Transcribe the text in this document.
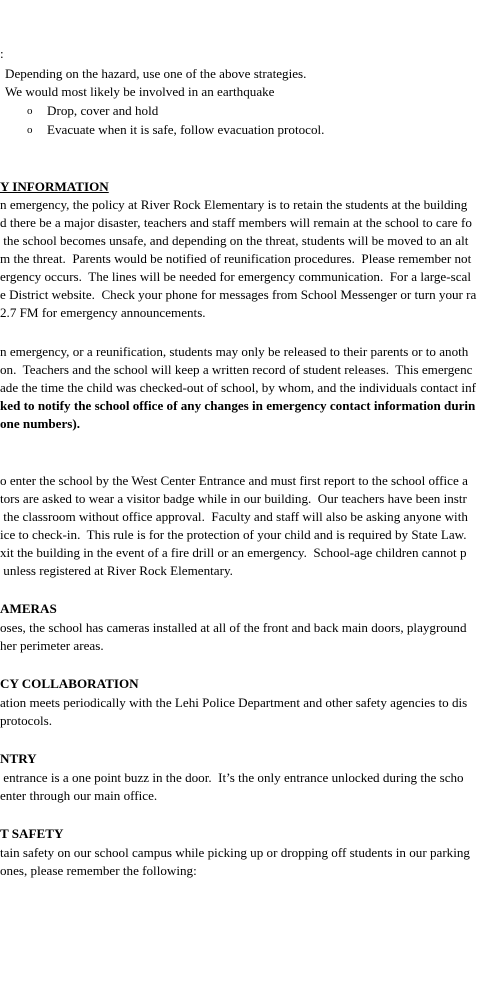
:
Depending on the hazard, use one of the above strategies.
We would most likely be involved in an earthquake
o Drop, cover and hold
o Evacuate when it is safe, follow evacuation protocol.
Y INFORMATION
n emergency, the policy at River Rock Elementary is to retain the students at the building
d there be a major disaster, teachers and staff members will remain at the school to care fo
the school becomes unsafe, and depending on the threat, students will be moved to an alt
m the threat.  Parents would be notified of reunification procedures.  Please remember not
ergency occurs.  The lines will be needed for emergency communication.  For a large-scal
e District website.  Check your phone for messages from School Messenger or turn your ra
2.7 FM for emergency announcements.
n emergency, or a reunification, students may only be released to their parents or to anoth
on.  Teachers and the school will keep a written record of student releases.  This emergenc
ade the time the child was checked-out of school, by whom, and the individuals contact inf
ked to notify the school office of any changes in emergency contact information durin
one numbers).
o enter the school by the West Center Entrance and must first report to the school office a
tors are asked to wear a visitor badge while in our building.  Our teachers have been instr
the classroom without office approval.  Faculty and staff will also be asking anyone with
ice to check-in.  This rule is for the protection of your child and is required by State Law.
xit the building in the event of a fire drill or an emergency.  School-age children cannot p
unless registered at River Rock Elementary.
AMERAS
oses, the school has cameras installed at all of the front and back main doors, playground
her perimeter areas.
CY COLLABORATION
ation meets periodically with the Lehi Police Department and other safety agencies to dis
protocols.
NTRY
entrance is a one point buzz in the door.  It’s the only entrance unlocked during the scho
enter through our main office.
T SAFETY
tain safety on our school campus while picking up or dropping off students in our parking
ones, please remember the following:
